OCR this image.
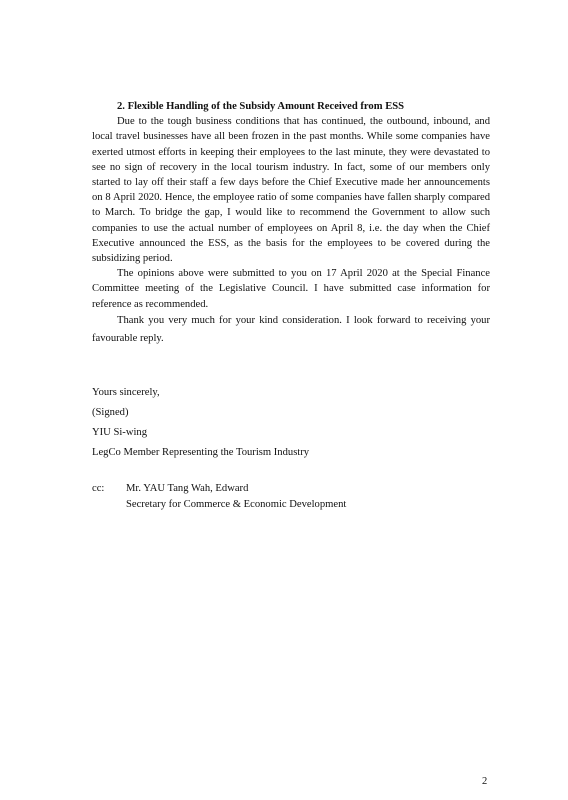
2. Flexible Handling of the Subsidy Amount Received from ESS

Due to the tough business conditions that has continued, the outbound, inbound, and local travel businesses have all been frozen in the past months. While some companies have exerted utmost efforts in keeping their employees to the last minute, they were devastated to see no sign of recovery in the local tourism industry. In fact, some of our members only started to lay off their staff a few days before the Chief Executive made her announcements on 8 April 2020. Hence, the employee ratio of some companies have fallen sharply compared to March. To bridge the gap, I would like to recommend the Government to allow such companies to use the actual number of employees on April 8, i.e. the day when the Chief Executive announced the ESS, as the basis for the employees to be covered during the subsidizing period.

The opinions above were submitted to you on 17 April 2020 at the Special Finance Committee meeting of the Legislative Council. I have submitted case information for reference as recommended.

Thank you very much for your kind consideration. I look forward to receiving your favourable reply.

Yours sincerely,
(Signed)
YIU Si-wing
LegCo Member Representing the Tourism Industry
cc:	Mr. YAU Tang Wah, Edward
Secretary for Commerce & Economic Development
2
